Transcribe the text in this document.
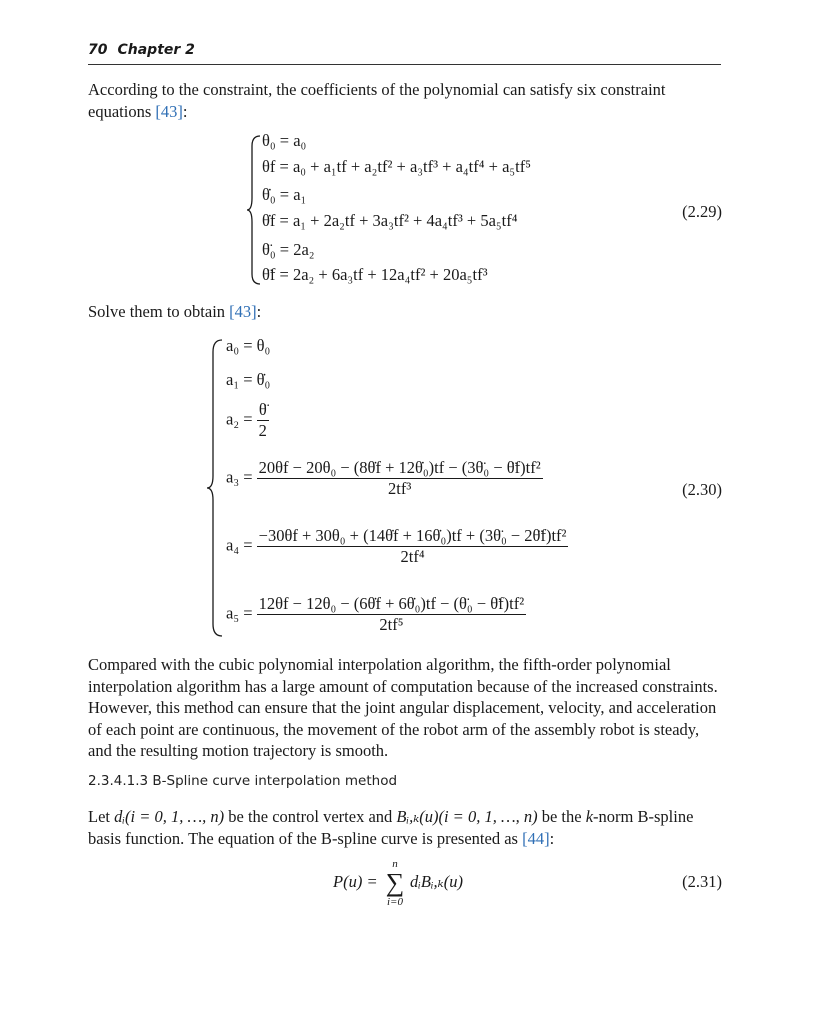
70 Chapter 2
According to the constraint, the coefficients of the polynomial can satisfy six constraint equations [43]:
θ₀ = a₀
θf = a₀ + a₁tf + a₂tf² + a₃tf³ + a₄tf⁴ + a₅tf⁵
θ̇₀ = a₁
θ̇f = a₁ + 2a₂tf + 3a₃tf² + 4a₄tf³ + 5a₅tf⁴
θ̈₀ = 2a₂
θ̈f = 2a₂ + 6a₃tf + 12a₄tf² + 20a₅tf³
(2.29)
Solve them to obtain [43]:
a₀ = θ₀
a₁ = θ̇₀
$a_2 = \frac{\thetä}{2}$
$a_3 = \frac{\text{20θf − 20θ₀ − (8θ̇f + 12θ̇₀)tf − (3θ̈₀ − θ̈f)tf²}}{\text{2tf³}}$
$a_4 = \frac{\text{−30θf + 30θ₀ + (14θ̇f + 16θ̇₀)tf + (3θ̈₀ − 2θ̈f)tf²}}{\text{2tf⁴}}$
$a_5 = \frac{\text{12θf − 12θ₀ − (6θ̇f + 6θ̇₀)tf − (θ̈₀ − θ̈f)tf²}}{\text{2tf⁵}}$
(2.30)
Compared with the cubic polynomial interpolation algorithm, the fifth-order polynomial interpolation algorithm has a large amount of computation because of the increased constraints. However, this method can ensure that the joint angular displacement, velocity, and acceleration of each point are continuous, the movement of the robot arm of the assembly robot is steady, and the resulting motion trajectory is smooth.
2.3.4.1.3 B-Spline curve interpolation method
Let dᵢ(i = 0, 1, …, n) be the control vertex and Bᵢ,ₖ(u)(i = 0, 1, …, n) be the k-norm B-spline basis function. The equation of the B-spline curve is presented as [44]:
P(u) =
n
∑
i=0
dᵢBᵢ,ₖ(u)	(2.31)
